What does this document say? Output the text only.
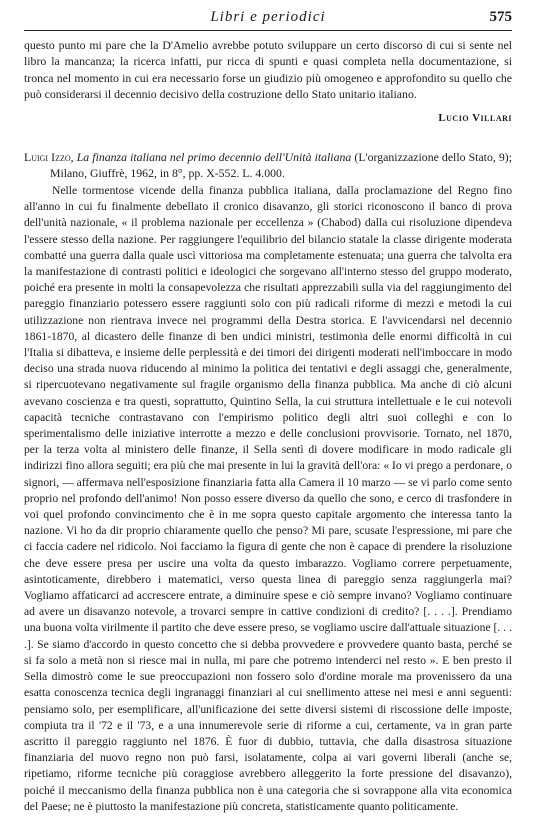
Libri e periodici	575

questo punto mi pare che la D'Amelio avrebbe potuto sviluppare un certo discorso di cui si sente nel libro la mancanza; la ricerca infatti, pur ricca di spunti e quasi completa nella documentazione, si tronca nel momento in cui era necessario forse un giudizio più omogeneo e approfondito su quello che può considerarsi il decennio decisivo della costruzione dello Stato unitario italiano.

Lucio Villari

Luigi Izzo, La finanza italiana nel primo decennio dell'Unità italiana (L'organizzazione dello Stato, 9); Milano, Giuffrè, 1962, in 8°, pp. X-552. L. 4.000.

Nelle tormentose vicende della finanza pubblica italiana, dalla proclamazione del Regno fino all'anno in cui fu finalmente debellato il cronico disavanzo, gli storici riconoscono il banco di prova dell'unità nazionale, « il problema nazionale per eccellenza » (Chabod) dalla cui risoluzione dipendeva l'essere stesso della nazione. Per raggiungere l'equilibrio del bilancio statale la classe dirigente moderata combatté una guerra dalla quale uscì vittoriosa ma completamente estenuata; una guerra che talvolta era la manifestazione di contrasti politici e ideologici che sorgevano all'interno stesso del gruppo moderato, poiché era presente in molti la consapevolezza che risultati apprezzabili sulla via del raggiungimento del pareggio finanziario potessero essere raggiunti solo con più radicali riforme di mezzi e metodi la cui utilizzazione non rientrava invece nei programmi della Destra storica. E l'avvicendarsi nel decennio 1861-1870, al dicastero delle finanze di ben undici ministri, testimonia delle enormi difficoltà in cui l'Italia si dibatteva, e insieme delle perplessità e dei timori dei dirigenti moderati nell'imboccare in modo deciso una strada nuova riducendo al minimo la politica dei tentativi e degli assaggi che, generalmente, si ripercuotevano negativamente sul fragile organismo della finanza pubblica. Ma anche di ciò alcuni avevano coscienza e tra questi, soprattutto, Quintino Sella, la cui struttura intellettuale e le cui notevoli capacità tecniche contrastavano con l'empirismo politico degli altri suoi colleghi e con lo sperimentalismo delle iniziative interrotte a mezzo e delle conclusioni provvisorie. Tornato, nel 1870, per la terza volta al ministero delle finanze, il Sella sentì di dovere modificare in modo radicale gli indirizzi fino allora seguiti; era più che mai presente in lui la gravità dell'ora: « Io vi prego a perdonare, o signori, — affermava nell'esposizione finanziaria fatta alla Camera il 10 marzo — se vi parlo come sento proprio nel profondo dell'animo! Non posso essere diverso da quello che sono, e cerco di trasfondere in voi quel profondo convincimento che è in me sopra questo capitale argomento che interessa tanto la nazione. Vi ho da dir proprio chiaramente quello che penso? Mi pare, scusate l'espressione, mi pare che ci faccia cadere nel ridicolo. Noi facciamo la figura di gente che non è capace di prendere la risoluzione che deve essere presa per uscire una volta da questo imbarazzo. Vogliamo correre perpetuamente, asintoticamente, direbbero i matematici, verso questa linea di pareggio senza raggiungerla mai? Vogliamo affaticarci ad accrescere entrate, a diminuire spese e ciò sempre invano? Vogliamo continuare ad avere un disavanzo notevole, a trovarci sempre in cattive condizioni di credito? [. . . .]. Prendiamo una buona volta virilmente il partito che deve essere preso, se vogliamo uscire dall'attuale situazione [. . . .]. Se siamo d'accordo in questo concetto che si debba provvedere e provvedere quanto basta, perché se si fa solo a metà non si riesce mai in nulla, mi pare che potremo intenderci nel resto ». E ben presto il Sella dimostrò come le sue preoccupazioni non fossero solo d'ordine morale ma provenissero da una esatta conoscenza tecnica degli ingranaggi finanziari al cui snellimento attese nei mesi e anni seguenti: pensiamo solo, per esemplificare, all'unificazione dei sette diversi sistemi di riscossione delle imposte, compiuta tra il '72 e il '73, e a una innumerevole serie di riforme a cui, certamente, va in gran parte ascritto il pareggio raggiunto nel 1876. È fuor di dubbio, tuttavia, che dalla disastrosa situazione finanziaria del nuovo regno non può farsi, isolatamente, colpa ai vari governi liberali (anche se, ripetiamo, riforme tecniche più coraggiose avrebbero alleggerito la forte pressione del disavanzo), poiché il meccanismo della finanza pubblica non è una categoria che si sovrappone alla vita economica del Paese; ne è piuttosto la manifestazione più concreta, statisticamente quanto politicamente.
